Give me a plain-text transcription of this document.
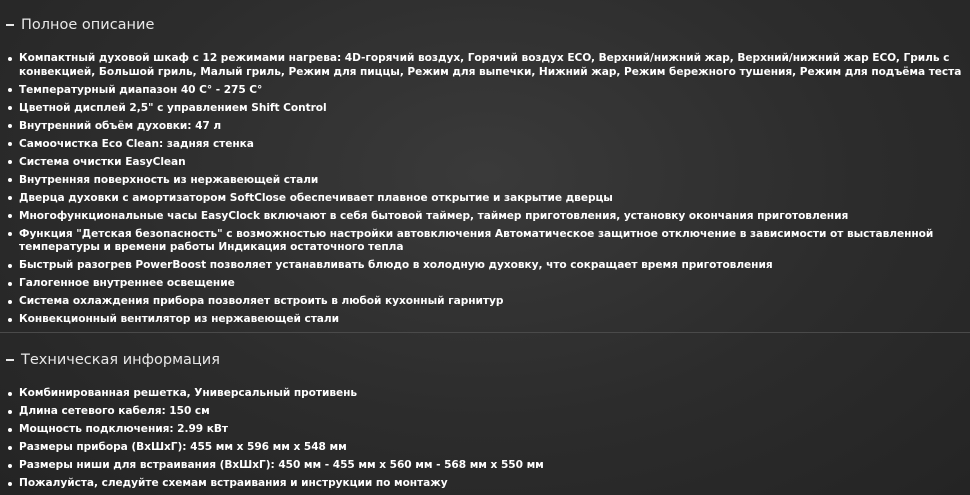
Полное описание
Компактный духовой шкаф с 12 режимами нагрева: 4D-горячий воздух, Горячий воздух ECO, Верхний/нижний жар, Верхний/нижний жар ECO, Гриль с конвекцией, Большой гриль, Малый гриль, Режим для пиццы, Режим для выпечки, Нижний жар, Режим бережного тушения, Режим для подъёма теста
Температурный диапазон 40 C° - 275 C°
Цветной дисплей 2,5" с управлением Shift Control
Внутренний объём духовки: 47 л
Самоочистка Eco Clean: задняя стенка
Система очистки EasyClean
Внутренняя поверхность из нержавеющей стали
Дверца духовки с амортизатором SoftClose обеспечивает плавное открытие и закрытие дверцы
Многофункциональные часы EasyClock включают в себя бытовой таймер, таймер приготовления, установку окончания приготовления
Функция "Детская безопасность" с возможностью настройки автовключения Автоматическое защитное отключение в зависимости от выставленной температуры и времени работы Индикация остаточного тепла
Быстрый разогрев PowerBoost позволяет устанавливать блюдо в холодную духовку, что сокращает время приготовления
Галогенное внутреннее освещение
Система охлаждения прибора позволяет встроить в любой кухонный гарнитур
Конвекционный вентилятор из нержавеющей стали
Техническая информация
Комбинированная решетка, Универсальный противень
Длина сетевого кабеля: 150 см
Мощность подключения: 2.99 кВт
Размеры прибора (ВхШхГ): 455 мм x 596 мм x 548 мм
Размеры ниши для встраивания (ВхШхГ): 450 мм - 455 мм x 560 мм - 568 мм x 550 мм
Пожалуйста, следуйте схемам встраивания и инструкции по монтажу
